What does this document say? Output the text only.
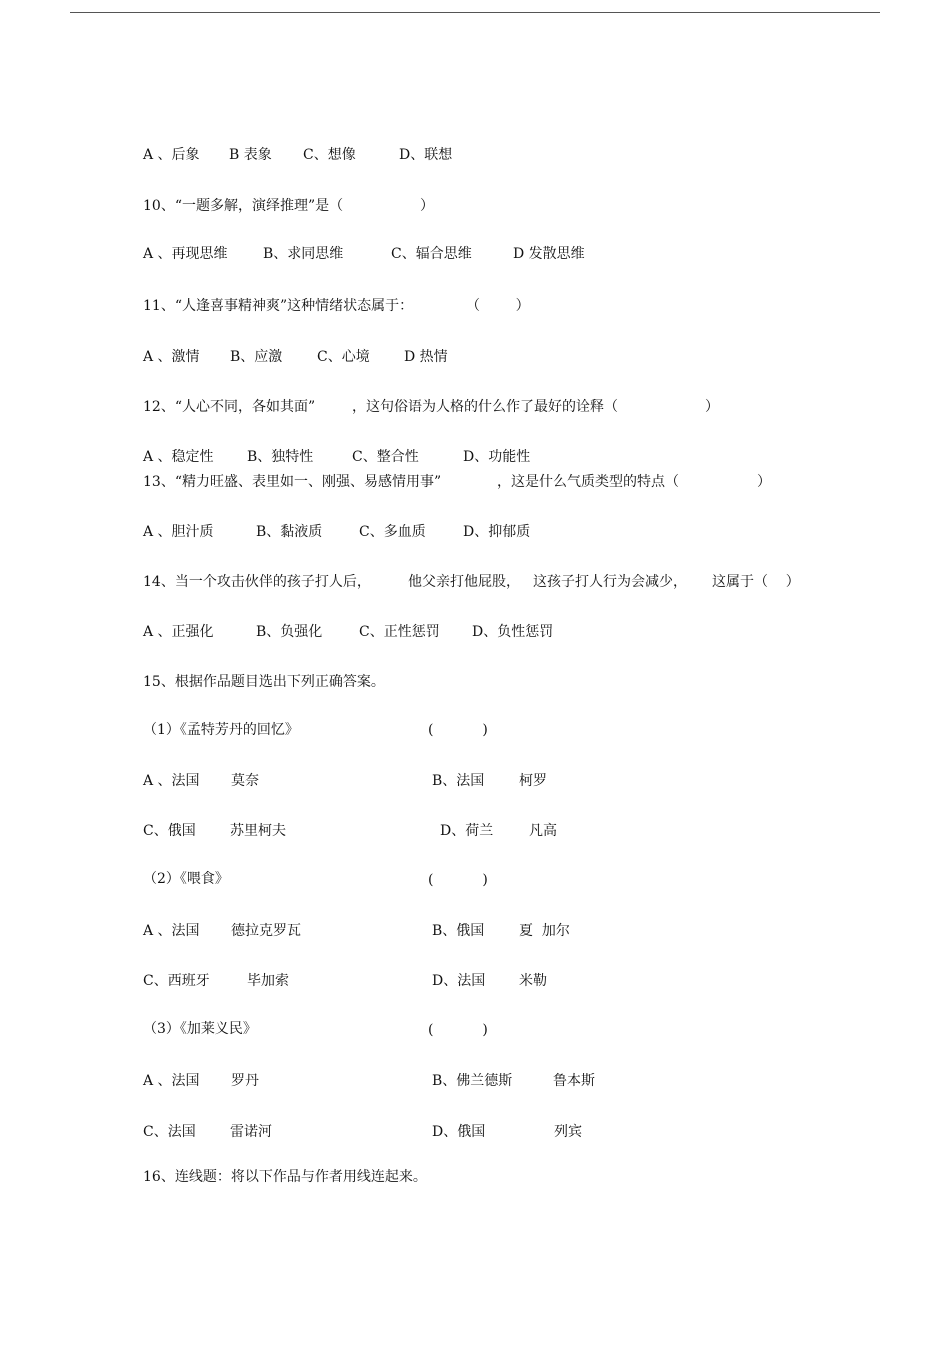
A 、后象 B 表象 C、想像	D、联想
10、“一题多解，演绎推理”是（	）
A 、再现思维	B、求同思维	C、辐合思维	D 发散思维
11、“人逢喜事精神爽”这种情绪状态属于：	（        ）
A 、激情 B、应激 C、心境 D 热情
12、“人心不同，各如其面”	，这句俗语为人格的什么作了最好的诠释（	）
A 、稳定性 B、独特性	C、整合性	D、功能性
13、“精力旺盛、表里如一、刚强、易感情用事”	，这是什么气质类型的特点（	）
A 、胆汁质	B、黏液质	C、多血质	D、抑郁质
14、当一个攻击伙伴的孩子打人后，	他父亲打他屁股， 这孩子打人行为会减少， 这属于（    ）
A 、正强化	B、负强化	C、正性惩罚 D、负性惩罚
15、根据作品题目选出下列正确答案。
（1）《孟特芳丹的回忆》	(           )
A 、法国 莫奈	B、法国 柯罗
C、俄国 苏里柯夫	D、荷兰	凡高
（2）《喂食》	(           )
A 、法国 德拉克罗瓦	B、俄国 夏  加尔
C、西班牙	毕加索	D、法国 米勒
（3）《加莱义民》	(           )
A 、法国 罗丹	B、佛兰德斯	鲁本斯
C、法国 雷诺河	D、俄国	列宾
16、连线题：将以下作品与作者用线连起来。
